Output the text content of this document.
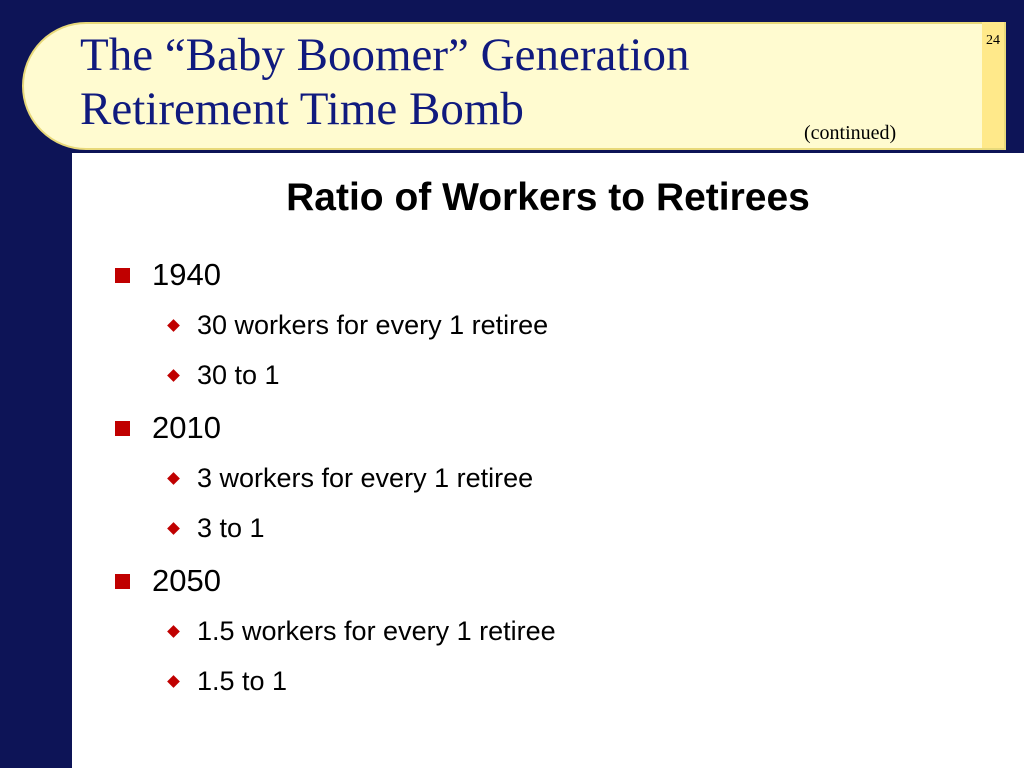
The “Baby Boomer” Generation
Retirement Time Bomb
24
(continued)
Ratio of Workers to Retirees
1940
30 workers for every 1 retiree
30 to 1
2010
3 workers for every 1 retiree
3 to 1
2050
1.5 workers for every 1 retiree
1.5 to 1
